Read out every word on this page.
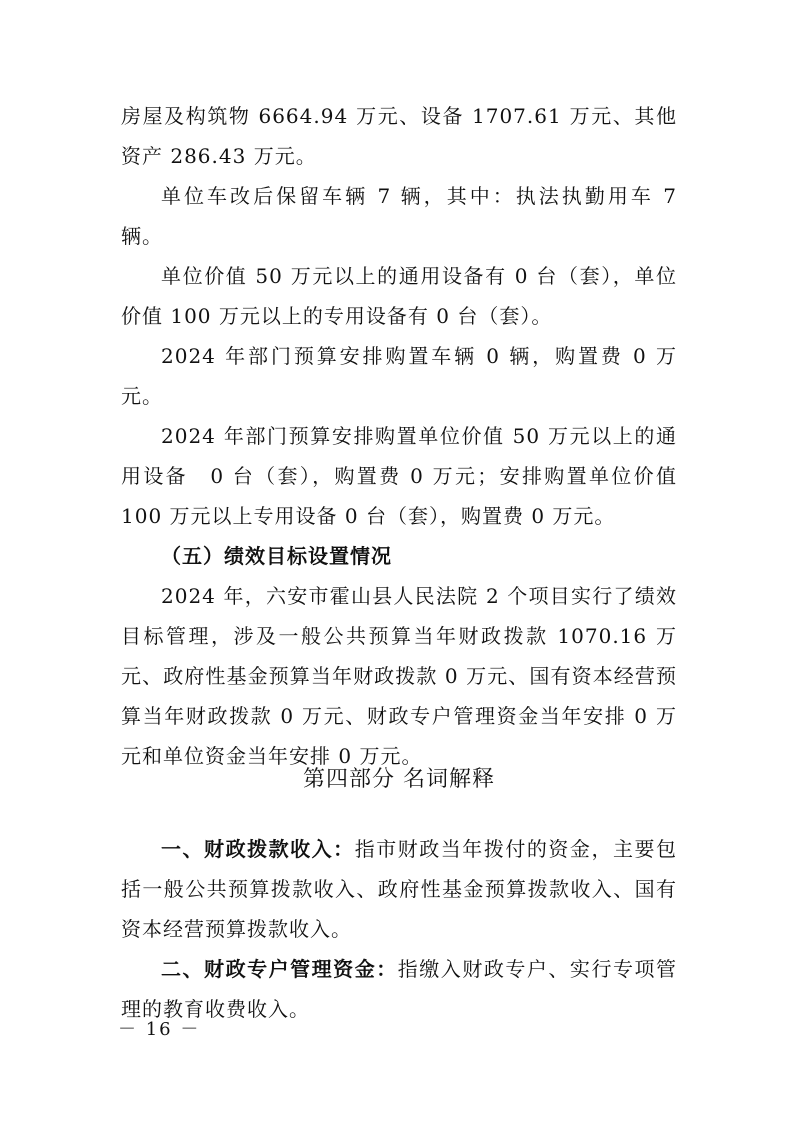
房屋及构筑物 6664.94 万元、设备 1707.61 万元、其他资产 286.43 万元。

单位车改后保留车辆 7 辆，其中：执法执勤用车 7 辆。

单位价值 50 万元以上的通用设备有 0 台（套），单位价值 100 万元以上的专用设备有 0 台（套）。

2024 年部门预算安排购置车辆 0 辆，购置费 0 万元。

2024 年部门预算安排购置单位价值 50 万元以上的通用设备　0 台（套），购置费 0 万元；安排购置单位价值 100 万元以上专用设备 0 台（套），购置费 0 万元。

（五）绩效目标设置情况

2024 年，六安市霍山县人民法院 2 个项目实行了绩效目标管理，涉及一般公共预算当年财政拨款 1070.16 万元、政府性基金预算当年财政拨款 0 万元、国有资本经营预算当年财政拨款 0 万元、财政专户管理资金当年安排 0 万元和单位资金当年安排 0 万元。

第四部分 名词解释

一、财政拨款收入：指市财政当年拨付的资金，主要包括一般公共预算拨款收入、政府性基金预算拨款收入、国有资本经营预算拨款收入。

二、财政专户管理资金：指缴入财政专户、实行专项管理的教育收费收入。

－ 16 －
